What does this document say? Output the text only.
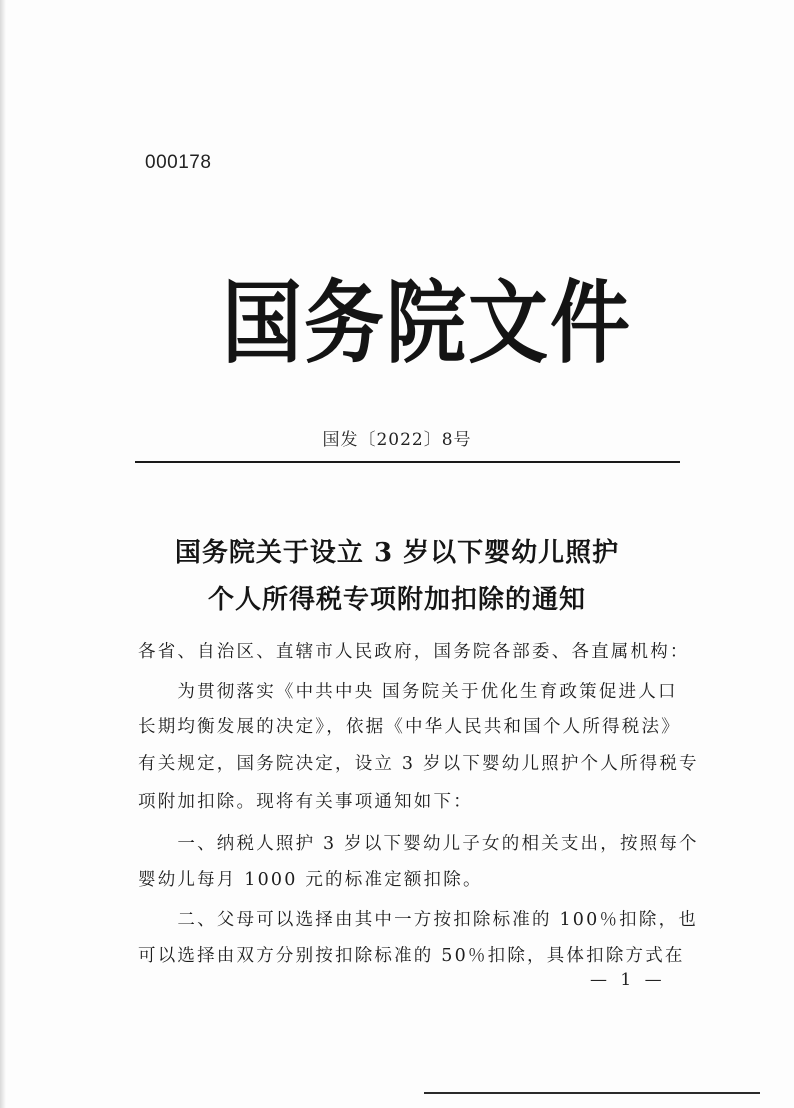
000178
国务院文件
国发〔2022〕8号
国务院关于设立 3 岁以下婴幼儿照护
个人所得税专项附加扣除的通知
各省、自治区、直辖市人民政府，国务院各部委、各直属机构：
　　为贯彻落实《中共中央 国务院关于优化生育政策促进人口
长期均衡发展的决定》，依据《中华人民共和国个人所得税法》
有关规定，国务院决定，设立 3 岁以下婴幼儿照护个人所得税专
项附加扣除。现将有关事项通知如下：
　　一、纳税人照护 3 岁以下婴幼儿子女的相关支出，按照每个
婴幼儿每月 1000 元的标准定额扣除。
　　二、父母可以选择由其中一方按扣除标准的 100％扣除，也
可以选择由双方分别按扣除标准的 50％扣除，具体扣除方式在
— 1 —
